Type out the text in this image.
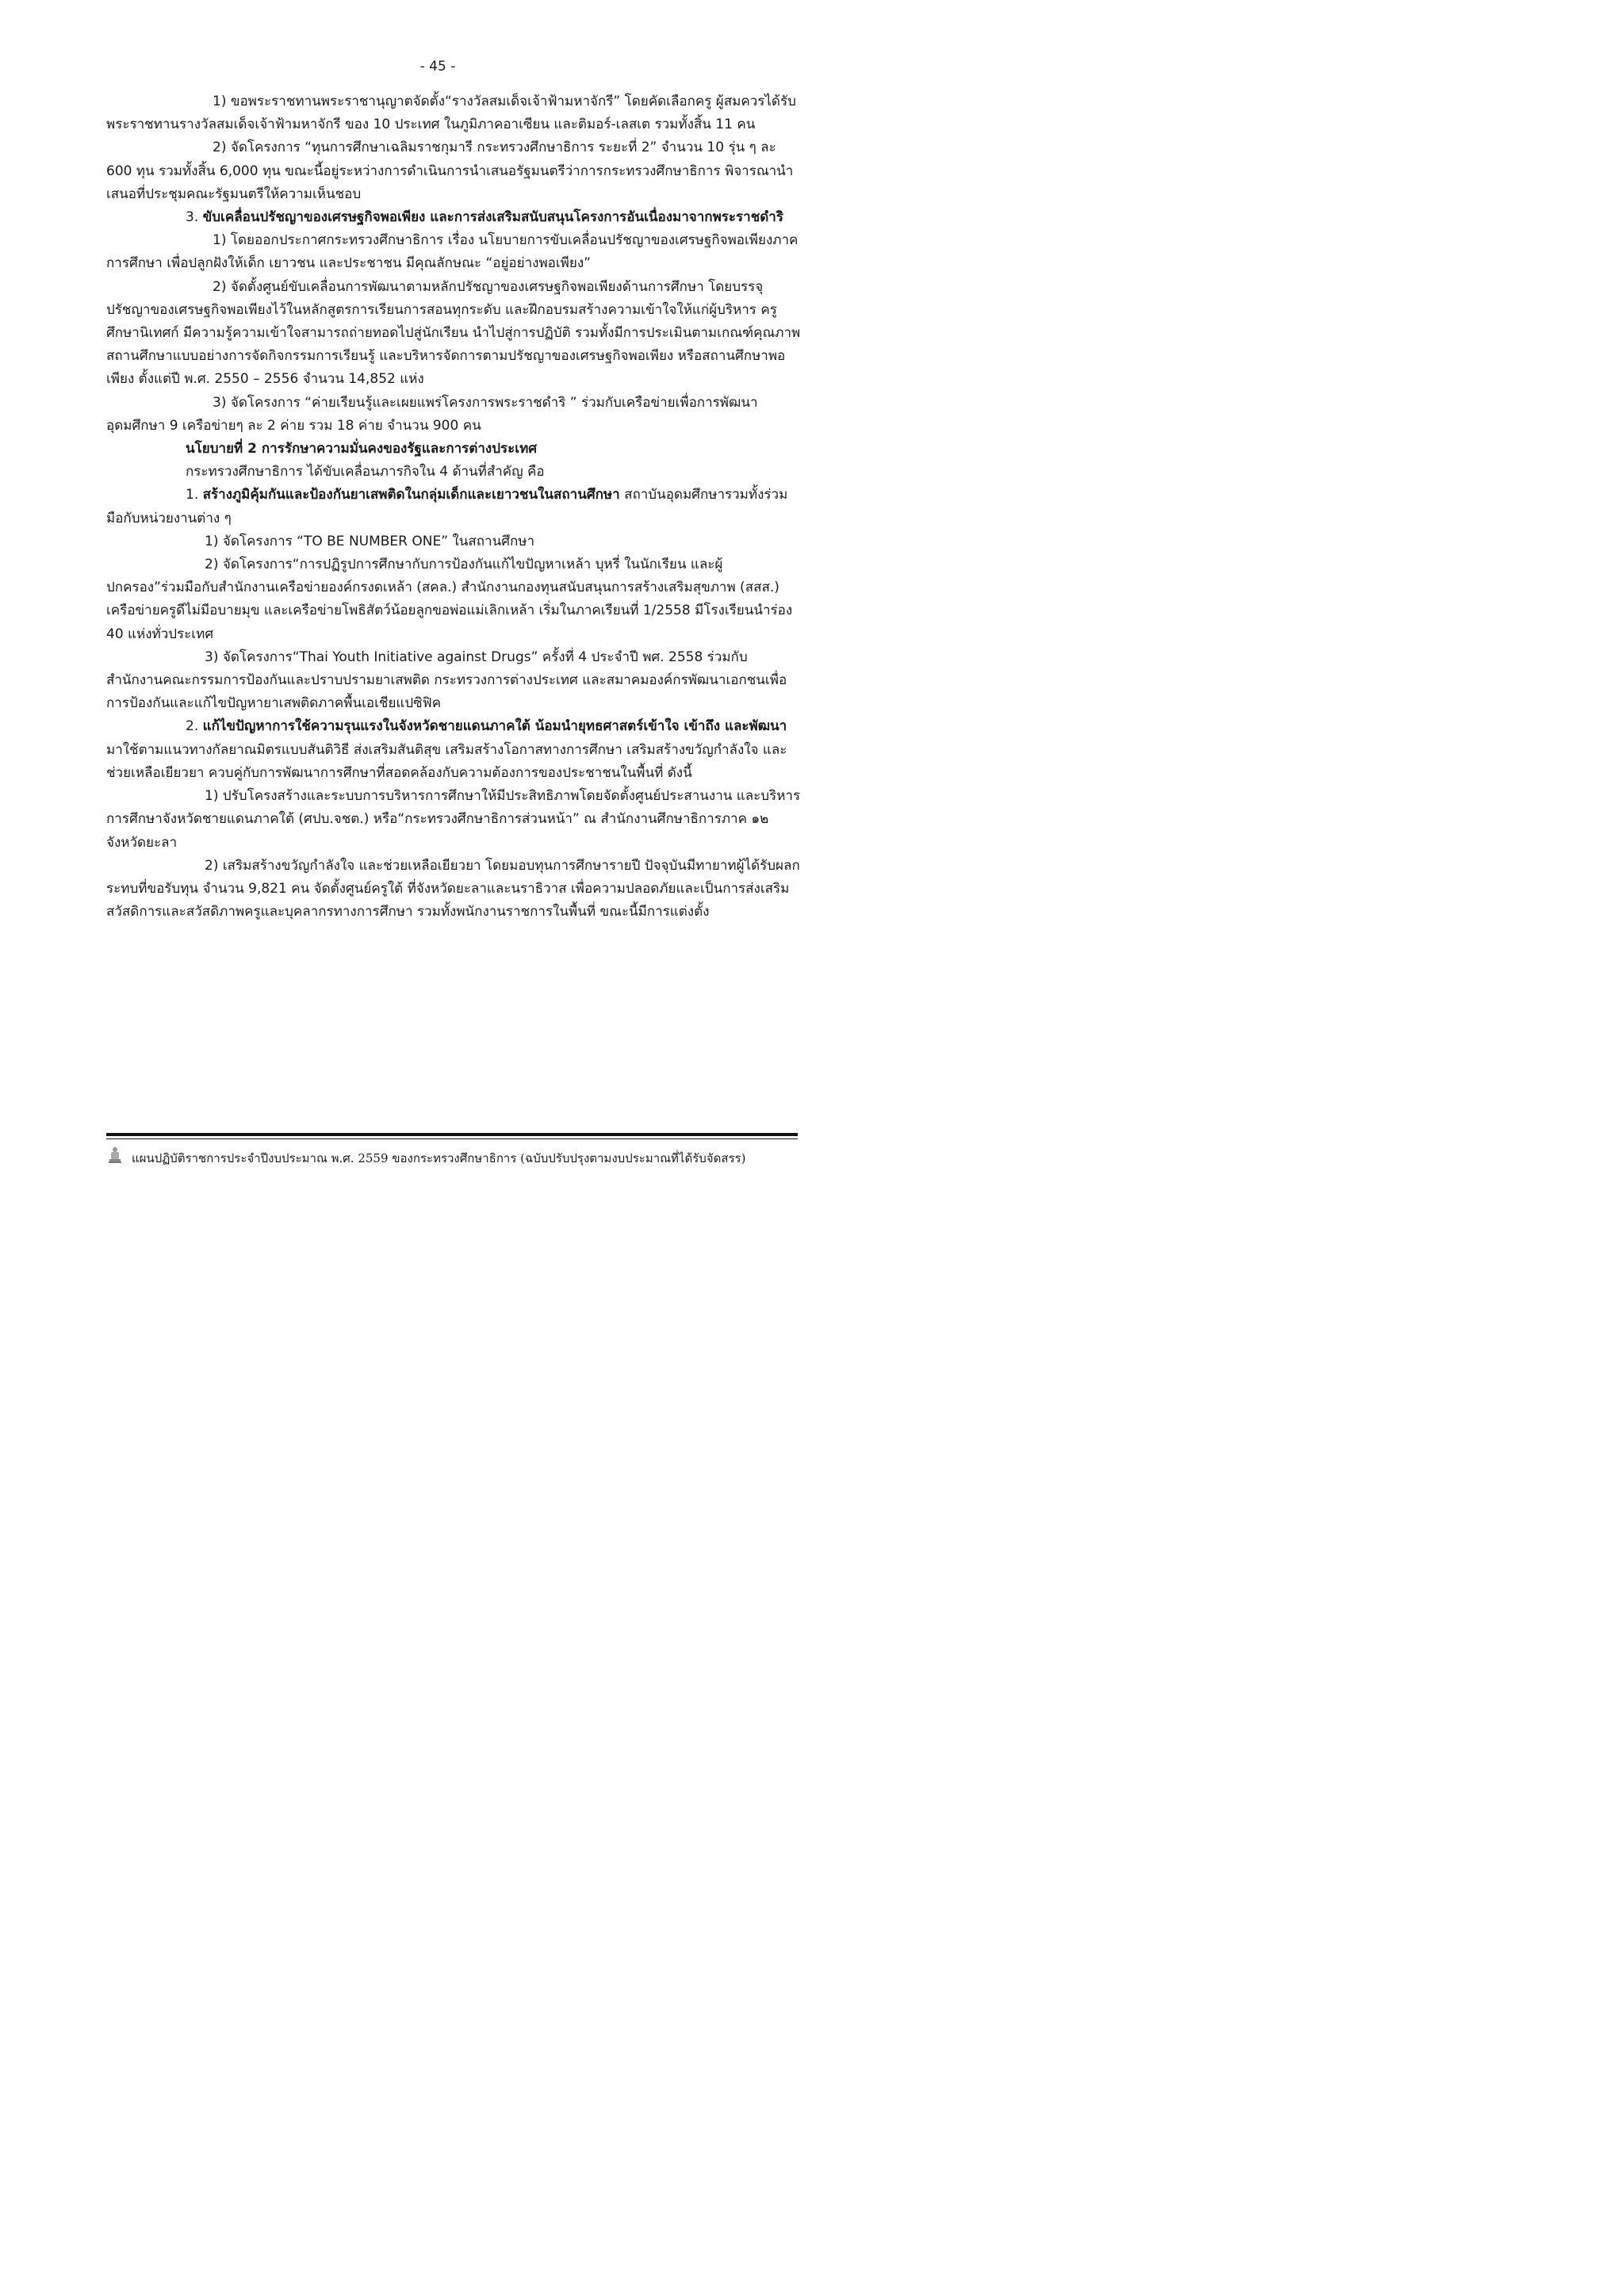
- 45 -

1) ขอพระราชทานพระราชานุญาตจัดตั้ง“รางวัลสมเด็จเจ้าฟ้ามหาจักรี” โดยคัดเลือกครู ผู้สมควรได้รับพระราชทานรางวัลสมเด็จเจ้าฟ้ามหาจักรี ของ 10 ประเทศ ในภูมิภาคอาเซียน และติมอร์-เลสเต รวมทั้งสิ้น 11 คน

2) จัดโครงการ “ทุนการศึกษาเฉลิมราชกุมารี กระทรวงศึกษาธิการ ระยะที่ 2” จำนวน 10 รุ่น ๆ ละ 600 ทุน รวมทั้งสิ้น 6,000 ทุน ขณะนี้อยู่ระหว่างการดำเนินการนำเสนอรัฐมนตรีว่าการกระทรวงศึกษาธิการ พิจารณานำเสนอที่ประชุมคณะรัฐมนตรีให้ความเห็นชอบ

3. ขับเคลื่อนปรัชญาของเศรษฐกิจพอเพียง และการส่งเสริมสนับสนุนโครงการอันเนื่องมาจากพระราชดำริ

1) โดยออกประกาศกระทรวงศึกษาธิการ เรื่อง นโยบายการขับเคลื่อนปรัชญาของเศรษฐกิจพอเพียงภาคการศึกษา เพื่อปลูกฝังให้เด็ก เยาวชน และประชาชน มีคุณลักษณะ “อยู่อย่างพอเพียง”

2) จัดตั้งศูนย์ขับเคลื่อนการพัฒนาตามหลักปรัชญาของเศรษฐกิจพอเพียงด้านการศึกษา โดยบรรจุปรัชญาของเศรษฐกิจพอเพียงไว้ในหลักสูตรการเรียนการสอนทุกระดับ และฝึกอบรมสร้างความเข้าใจให้แก่ผู้บริหาร ครู ศึกษานิเทศก์ มีความรู้ความเข้าใจสามารถถ่ายทอดไปสู่นักเรียน นำไปสู่การปฏิบัติ รวมทั้งมีการประเมินตามเกณฑ์คุณภาพสถานศึกษาแบบอย่างการจัดกิจกรรมการเรียนรู้ และบริหารจัดการตามปรัชญาของเศรษฐกิจพอเพียง หรือสถานศึกษาพอเพียง ตั้งแต่ปี พ.ศ. 2550 – 2556 จำนวน 14,852 แห่ง

3) จัดโครงการ “ค่ายเรียนรู้และเผยแพร่โครงการพระราชดำริ ” ร่วมกับเครือข่ายเพื่อการพัฒนาอุดมศึกษา 9 เครือข่ายๆ ละ 2 ค่าย รวม 18 ค่าย จำนวน 900 คน

นโยบายที่ 2 การรักษาความมั่นคงของรัฐและการต่างประเทศ

กระทรวงศึกษาธิการ ได้ขับเคลื่อนภารกิจใน 4 ด้านที่สำคัญ คือ

1. สร้างภูมิคุ้มกันและป้องกันยาเสพติดในกลุ่มเด็กและเยาวชนในสถานศึกษา สถาบันอุดมศึกษารวมทั้งร่วมมือกับหน่วยงานต่าง ๆ

1) จัดโครงการ “TO BE NUMBER ONE” ในสถานศึกษา

2) จัดโครงการ“การปฏิรูปการศึกษากับการป้องกันแก้ไขปัญหาเหล้า บุหรี่ ในนักเรียน และผู้ปกครอง”ร่วมมือกับสำนักงานเครือข่ายองค์กรงดเหล้า (สคล.) สำนักงานกองทุนสนับสนุนการสร้างเสริมสุขภาพ (สสส.) เครือข่ายครูดีไม่มีอบายมุข และเครือข่ายโพธิสัตว์น้อยลูกขอพ่อแม่เลิกเหล้า เริ่มในภาคเรียนที่ 1/2558 มีโรงเรียนนำร่อง 40 แห่งทั่วประเทศ

3) จัดโครงการ“Thai Youth Initiative against Drugs” ครั้งที่ 4 ประจำปี พศ. 2558 ร่วมกับสำนักงานคณะกรรมการป้องกันและปราบปรามยาเสพติด กระทรวงการต่างประเทศ และสมาคมองค์กรพัฒนาเอกชนเพื่อการป้องกันและแก้ไขปัญหายาเสพติดภาคพื้นเอเชียแปซิฟิค

2. แก้ไขปัญหาการใช้ความรุนแรงในจังหวัดชายแดนภาคใต้ น้อมนำยุทธศาสตร์เข้าใจ เข้าถึง และพัฒนา มาใช้ตามแนวทางกัลยาณมิตรแบบสันติวิธี ส่งเสริมสันติสุข เสริมสร้างโอกาสทางการศึกษา เสริมสร้างขวัญกำลังใจ และช่วยเหลือเยียวยา ควบคู่กับการพัฒนาการศึกษาที่สอดคล้องกับความต้องการของประชาชนในพื้นที่ ดังนี้

1) ปรับโครงสร้างและระบบการบริหารการศึกษาให้มีประสิทธิภาพโดยจัดตั้งศูนย์ประสานงาน และบริหารการศึกษาจังหวัดชายแดนภาคใต้ (ศปบ.จชต.) หรือ“กระทรวงศึกษาธิการส่วนหน้า” ณ สำนักงานศึกษาธิการภาค ๑๒ จังหวัดยะลา

2) เสริมสร้างขวัญกำลังใจ และช่วยเหลือเยียวยา โดยมอบทุนการศึกษารายปี ปัจจุบันมีทายาทผู้ได้รับผลกระทบที่ขอรับทุน จำนวน 9,821 คน จัดตั้งศูนย์ครูใต้ ที่จังหวัดยะลาและนราธิวาส เพื่อความปลอดภัยและเป็นการส่งเสริมสวัสดิการและสวัสดิภาพครูและบุคลากรทางการศึกษา รวมทั้งพนักงานราชการในพื้นที่ ขณะนี้มีการแต่งตั้ง

แผนปฏิบัติราชการประจำปีงบประมาณ พ.ศ. 2559 ของกระทรวงศึกษาธิการ (ฉบับปรับปรุงตามงบประมาณที่ได้รับจัดสรร)
